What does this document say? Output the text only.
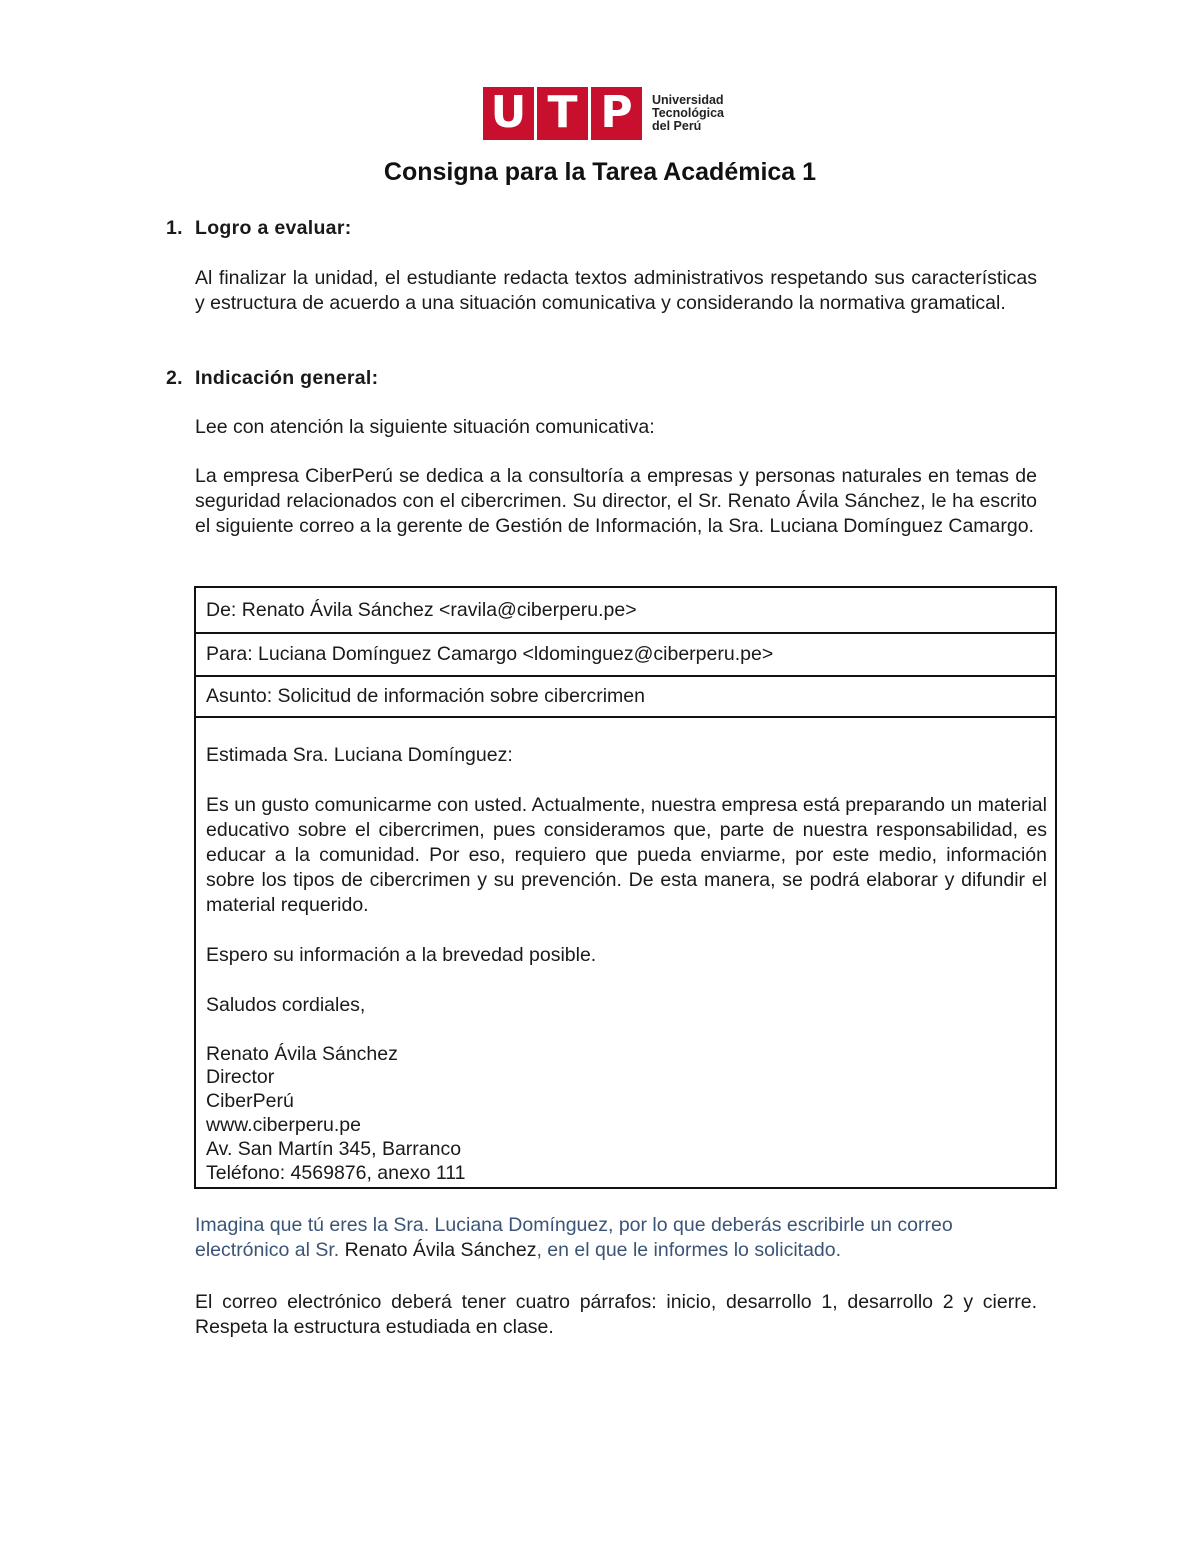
U T P	Universidad
Tecnológica
del Perú
Consigna para la Tarea Académica 1
1. Logro a evaluar:
Al finalizar la unidad, el estudiante redacta textos administrativos respetando sus características y estructura de acuerdo a una situación comunicativa y considerando la normativa gramatical.
2. Indicación general:
Lee con atención la siguiente situación comunicativa:
La empresa CiberPerú se dedica a la consultoría a empresas y personas naturales en temas de seguridad relacionados con el cibercrimen. Su director, el Sr. Renato Ávila Sánchez, le ha escrito el siguiente correo a la gerente de Gestión de Información, la Sra. Luciana Domínguez Camargo.
De: Renato Ávila Sánchez <ravila@ciberperu.pe>
Para: Luciana Domínguez Camargo <ldominguez@ciberperu.pe>
Asunto: Solicitud de información sobre cibercrimen

Estimada Sra. Luciana Domínguez:

Es un gusto comunicarme con usted. Actualmente, nuestra empresa está preparando un material educativo sobre el cibercrimen, pues consideramos que, parte de nuestra responsabilidad, es educar a la comunidad. Por eso, requiero que pueda enviarme, por este medio, información sobre los tipos de cibercrimen y su prevención. De esta manera, se podrá elaborar y difundir el material requerido.

Espero su información a la brevedad posible.

Saludos cordiales,

Renato Ávila Sánchez
Director
CiberPerú
www.ciberperu.pe
Av. San Martín 345, Barranco
Teléfono: 4569876, anexo 111
Imagina que tú eres la Sra. Luciana Domínguez, por lo que deberás escribirle un correo electrónico al Sr. Renato Ávila Sánchez, en el que le informes lo solicitado.
El correo electrónico deberá tener cuatro párrafos: inicio, desarrollo 1, desarrollo 2 y cierre. Respeta la estructura estudiada en clase.
